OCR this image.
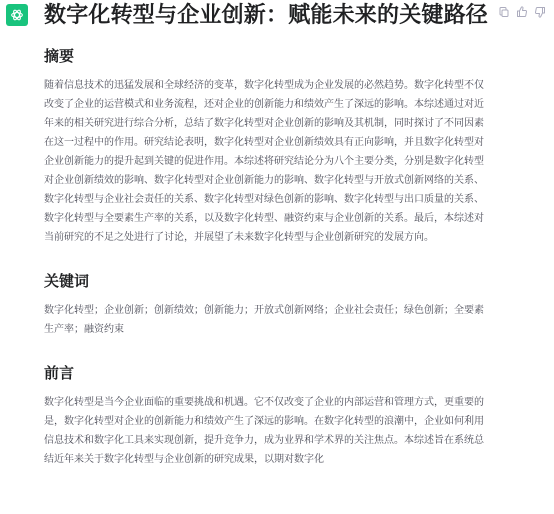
数字化转型与企业创新：赋能未来的关键路径
摘要

随着信息技术的迅猛发展和全球经济的变革，数字化转型成为企业发展的必然趋势。数字化转型不仅改变了企业的运营模式和业务流程，还对企业的创新能力和绩效产生了深远的影响。本综述通过对近年来的相关研究进行综合分析，总结了数字化转型对企业创新的影响及其机制，同时探讨了不同因素在这一过程中的作用。研究结论表明，数字化转型对企业创新绩效具有正向影响，并且数字化转型对企业创新能力的提升起到关键的促进作用。本综述将研究结论分为八个主要分类，分别是数字化转型对企业创新绩效的影响、数字化转型对企业创新能力的影响、数字化转型与开放式创新网络的关系、数字化转型与企业社会责任的关系、数字化转型对绿色创新的影响、数字化转型与出口质量的关系、数字化转型与全要素生产率的关系，以及数字化转型、融资约束与企业创新的关系。最后，本综述对当前研究的不足之处进行了讨论，并展望了未来数字化转型与企业创新研究的发展方向。

关键词

数字化转型；企业创新；创新绩效；创新能力；开放式创新网络；企业社会责任；绿色创新；全要素生产率；融资约束

前言

数字化转型是当今企业面临的重要挑战和机遇。它不仅改变了企业的内部运营和管理方式，更重要的是，数字化转型对企业的创新能力和绩效产生了深远的影响。在数字化转型的浪潮中，企业如何利用信息技术和数字化工具来实现创新，提升竞争力，成为业界和学术界的关注焦点。本综述旨在系统总结近年来关于数字化转型与企业创新的研究成果，以期对数字化
